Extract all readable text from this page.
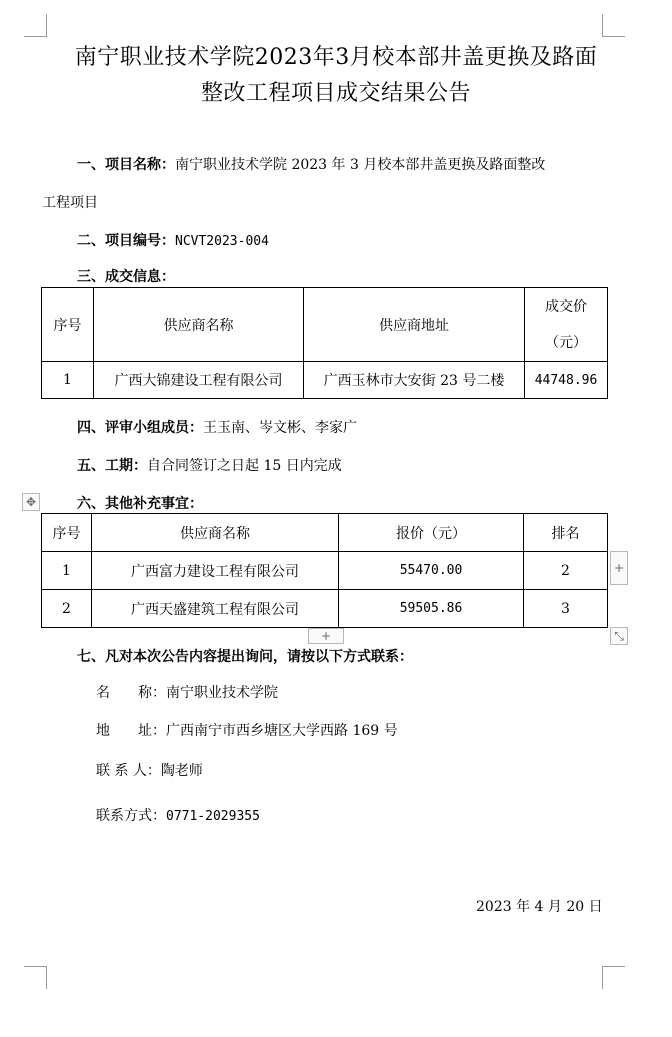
南宁职业技术学院2023年3月校本部井盖更换及路面
整改工程项目成交结果公告
一、项目名称：南宁职业技术学院 2023 年 3 月校本部井盖更换及路面整改
工程项目
二、项目编号：NCVT2023-004
三、成交信息：
序号	供应商名称	供应商地址	成交价
（元）

1	广西大锦建设工程有限公司	广西玉林市大安街 23 号二楼	44748.96
四、评审小组成员：王玉南、岑文彬、李家广
五、工期：自合同签订之日起 15 日内完成
六、其他补充事宜：
✥
序号	供应商名称	报价（元）	排名
1	广西富力建设工程有限公司	55470.00	2
2	广西天盛建筑工程有限公司	59505.86	3
+
+	⤡
七、凡对本次公告内容提出询问，请按以下方式联系：
名　　称：南宁职业技术学院
地　　址：广西南宁市西乡塘区大学西路 169 号
联 系 人：陶老师
联系方式：0771-2029355
2023 年 4 月 20 日
